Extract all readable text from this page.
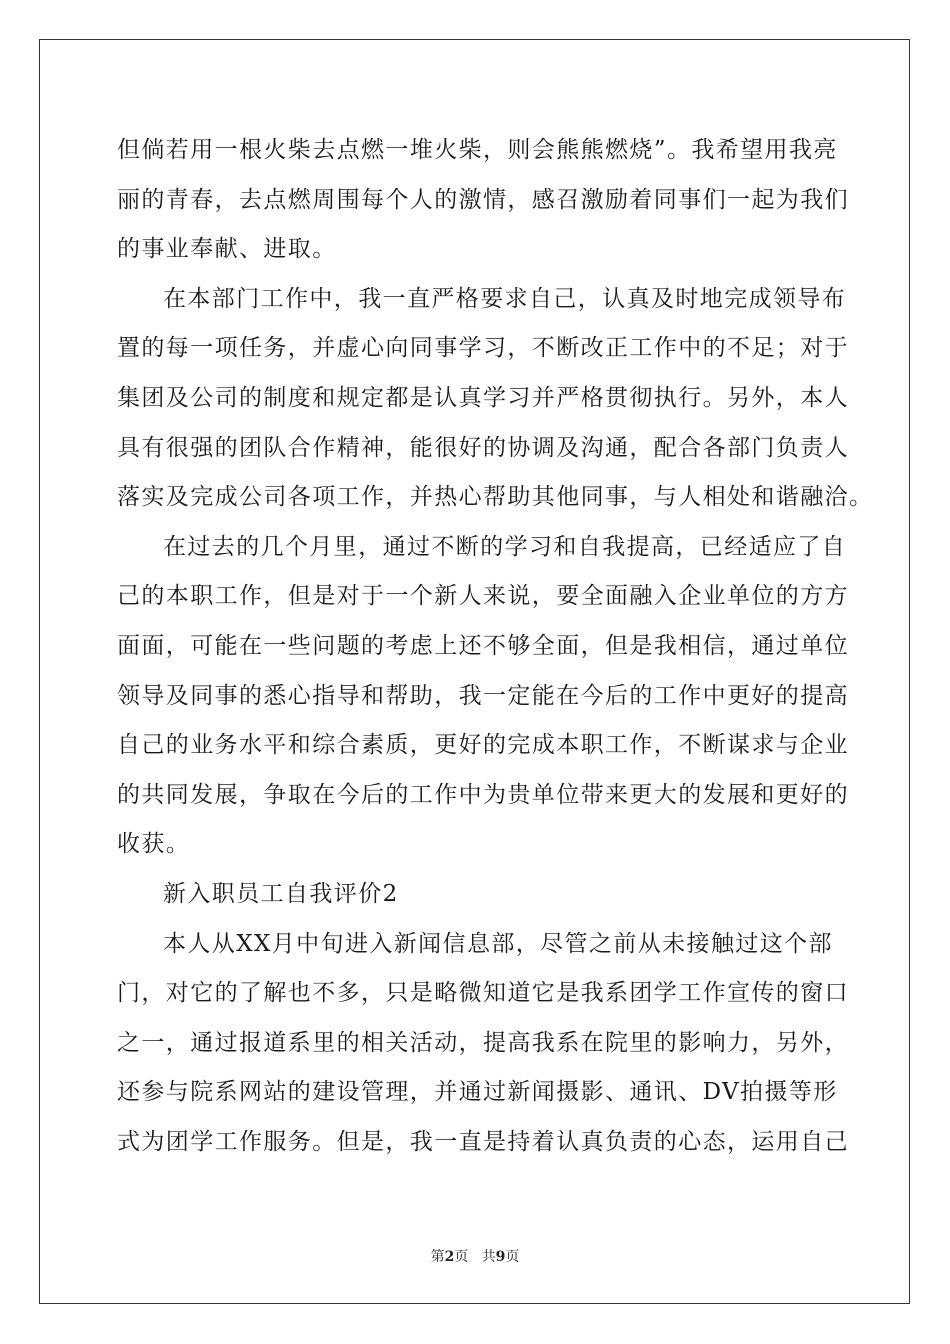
但倘若用一根火柴去点燃一堆火柴，则会熊熊燃烧”。我希望用我亮
丽的青春，去点燃周围每个人的激情，感召激励着同事们一起为我们
的事业奉献、进取。

在本部门工作中，我一直严格要求自己，认真及时地完成领导布
置的每一项任务，并虚心向同事学习，不断改正工作中的不足；对于
集团及公司的制度和规定都是认真学习并严格贯彻执行。另外，本人
具有很强的团队合作精神，能很好的协调及沟通，配合各部门负责人
落实及完成公司各项工作，并热心帮助其他同事，与人相处和谐融洽。

在过去的几个月里，通过不断的学习和自我提高，已经适应了自
己的本职工作，但是对于一个新人来说，要全面融入企业单位的方方
面面，可能在一些问题的考虑上还不够全面，但是我相信，通过单位
领导及同事的悉心指导和帮助，我一定能在今后的工作中更好的提高
自己的业务水平和综合素质，更好的完成本职工作，不断谋求与企业
的共同发展，争取在今后的工作中为贵单位带来更大的发展和更好的
收获。

新入职员工自我评价2

本人从XX月中旬进入新闻信息部，尽管之前从未接触过这个部
门，对它的了解也不多，只是略微知道它是我系团学工作宣传的窗口
之一，通过报道系里的相关活动，提高我系在院里的影响力，另外，
还参与院系网站的建设管理，并通过新闻摄影、通讯、DV拍摄等形
式为团学工作服务。但是，我一直是持着认真负责的心态，运用自己

第2页 共9页
